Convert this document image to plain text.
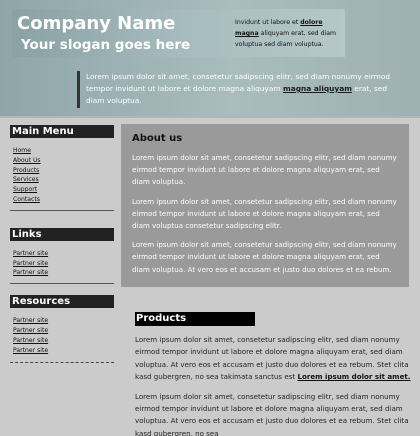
Company Name
Your slogan goes here
Invidunt ut labore et dolore magna aliquyam erat, sed diam voluptua sed diam voluptua.
Lorem ipsum dolor sit amet, consetetur sadipscing elitr, sed diam nonumy eirmod tempor invidunt ut labore et dolore magna aliquyam magna aliquyam erat, sed diam voluptua.
Main Menu
Home
About Us
Products
Services
Support
Contacts
Links
Partner site
Partner site
Partner site
Resources
Partner site
Partner site
Partner site
Partner site
About us

Lorem ipsum dolor sit amet, consetetur sadipscing elitr, sed diam nonumy eirmod tempor invidunt ut labore et dolore magna aliquyam erat, sed diam voluptua.

Lorem ipsum dolor sit amet, consetetur sadipscing elitr, sed diam nonumy eirmod tempor invidunt ut labore et dolore magna aliquyam erat, sed diam voluptua consetetur sadipscing elitr.

Lorem ipsum dolor sit amet, consetetur sadipscing elitr, sed diam nonumy eirmod tempor invidunt ut labore et dolore magna aliquyam erat, sed diam voluptua. At vero eos et accusam et justo duo dolores et ea rebum.

Products

Lorem ipsum dolor sit amet, consetetur sadipscing elitr, sed diam nonumy eirmod tempor invidunt ut labore et dolore magna aliquyam erat, sed diam voluptua. At vero eos et accusam et justo duo dolores et ea rebum. Stet clita kasd gubergren, no sea takimata sanctus est Lorem ipsum dolor sit amet.

Lorem ipsum dolor sit amet, consetetur sadipscing elitr, sed diam nonumy eirmod tempor invidunt ut labore et dolore magna aliquyam erat, sed diam voluptua. At vero eos et accusam et justo duo dolores et ea rebum. Stet clita kasd gubergren, no sea
